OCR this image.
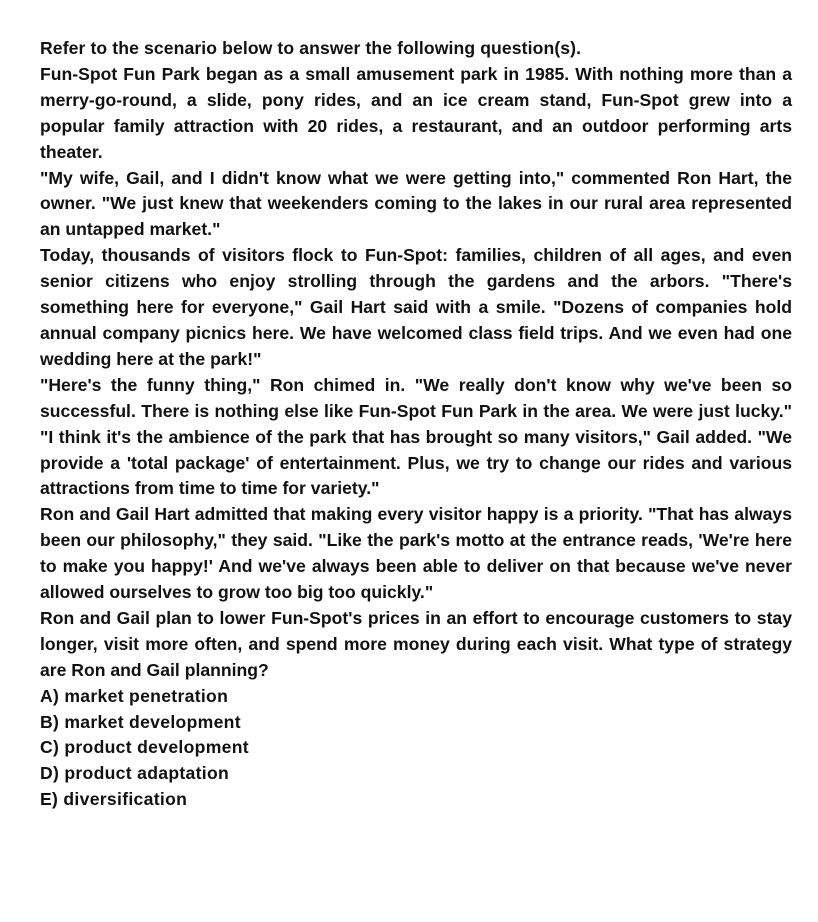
Refer to the scenario below to answer the following question(s).

Fun-Spot Fun Park began as a small amusement park in 1985. With nothing more than a merry-go-round, a slide, pony rides, and an ice cream stand, Fun-Spot grew into a popular family attraction with 20 rides, a restaurant, and an outdoor performing arts theater.

"My wife, Gail, and I didn't know what we were getting into," commented Ron Hart, the owner. "We just knew that weekenders coming to the lakes in our rural area represented an untapped market."

Today, thousands of visitors flock to Fun-Spot: families, children of all ages, and even senior citizens who enjoy strolling through the gardens and the arbors. "There's something here for everyone," Gail Hart said with a smile. "Dozens of companies hold annual company picnics here. We have welcomed class field trips. And we even had one wedding here at the park!"

"Here's the funny thing," Ron chimed in. "We really don't know why we've been so successful. There is nothing else like Fun-Spot Fun Park in the area. We were just lucky." "I think it's the ambience of the park that has brought so many visitors," Gail added. "We provide a 'total package' of entertainment. Plus, we try to change our rides and various attractions from time to time for variety."

Ron and Gail Hart admitted that making every visitor happy is a priority. "That has always been our philosophy," they said. "Like the park's motto at the entrance reads, 'We're here to make you happy!' And we've always been able to deliver on that because we've never allowed ourselves to grow too big too quickly."

Ron and Gail plan to lower Fun-Spot's prices in an effort to encourage customers to stay longer, visit more often, and spend more money during each visit. What type of strategy are Ron and Gail planning?

A) market penetration
B) market development
C) product development
D) product adaptation
E) diversification
